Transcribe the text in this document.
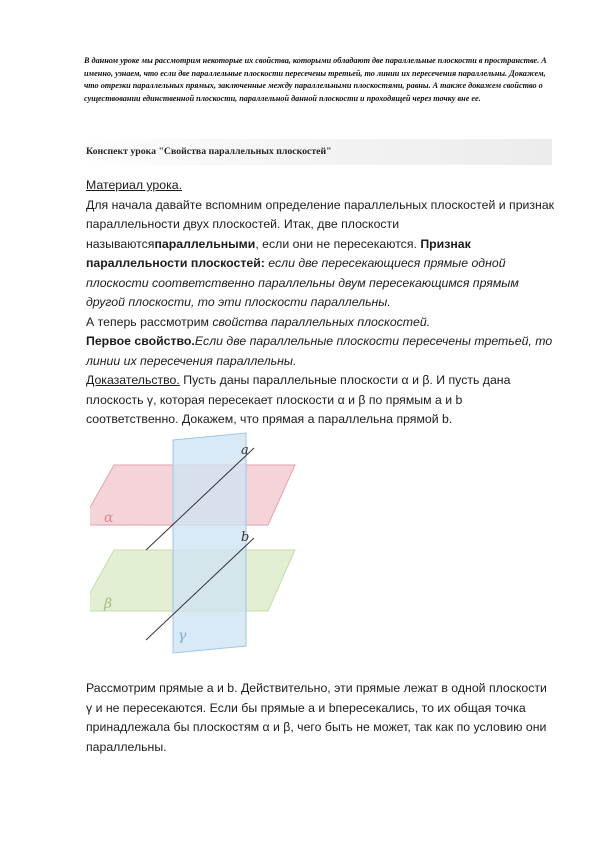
В данном уроке мы рассмотрим некоторые их свойства, которыми обладают две параллельные плоскости в пространстве. А именно, узнаем, что если две параллельные плоскости пересечены третьей, то линии их пересечения параллельны. Докажем, что отрезки параллельных прямых, заключенные между параллельными плоскостями, равны. А также докажем свойство о существовании единственной плоскости, параллельной данной плоскости и проходящей через точку вне ее.
Конспект урока "Свойства параллельных плоскостей"

Материал урока.

Для начала давайте вспомним определение параллельных плоскостей и признак параллельности двух плоскостей. Итак, две плоскости называютсяпараллельными, если они не пересекаются. Признак параллельности плоскостей: если две пересекающиеся прямые одной плоскости соответственно параллельны двум пересекающимся прямым другой плоскости, то эти плоскости параллельны.

А теперь рассмотрим свойства параллельных плоскостей.

Первое свойство.Если две параллельные плоскости пересечены третьей, то линии их пересечения параллельны.

Доказательство. Пусть даны параллельные плоскости α и β. И пусть дана плоскость γ, которая пересекает плоскости α и β по прямым a и b соответственно. Докажем, что прямая a параллельна прямой b.

a
b
α
β
γ

Рассмотрим прямые a и b. Действительно, эти прямые лежат в одной плоскости γ и не пересекаются. Если бы прямые a и bпересекались, то их общая точка принадлежала бы плоскостям α и β, чего быть не может, так как по условию они параллельны.
